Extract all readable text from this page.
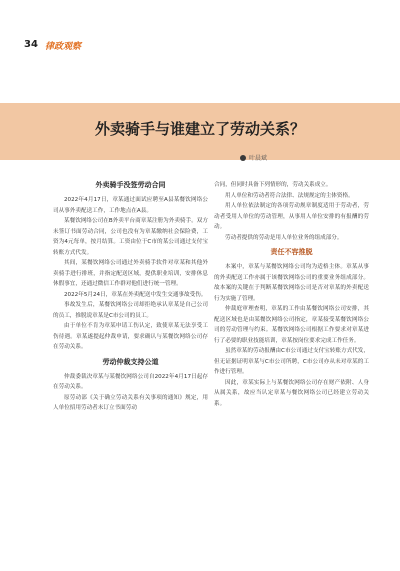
34 律政观察
外卖骑手与谁建立了劳动关系？
叶晨斌
外卖骑手没签劳动合同

2022年4月17日，章某通过面试应聘至A县某餐饮网络公司从事外卖配送工作，工作地点在A县。

某餐饮网络公司在B外卖平台商章某注册为外卖骑手。双方未签订书面劳动合同，公司也没有为章某缴纳社会保险费，工资为4元每单，按月结算。工资由位于C市的某公司通过支付宝转账方式代发。

其间，某餐饮网络公司通过外卖骑手软件对章某和其他外卖骑手进行排班，并指定配送区域，提供职业培训，安排休息休假事宜，还通过微信工作群对他们进行统一管理。

2022年5月24日，章某在外卖配送中发生交通事故受伤。

事故发生后，某餐饮网络公司却拒绝承认章某是自己公司的员工，推脱说章某是C市公司的员工。

由于单位不肯为章某申请工伤认定，致使章某无法享受工伤待遇。章某遂提起仲裁申请，要求确认与某餐饮网络公司存在劳动关系。

劳动仲裁支持公道

仲裁委裁决章某与某餐饮网络公司自2022年4月17日起存在劳动关系。

原劳动部《关于确立劳动关系有关事项的通知》规定，用人单位招用劳动者未订立书面劳动

合同，但同时具备下列情形的，劳动关系成立。

用人单位和劳动者符合法律、法规规定的主体资格。

用人单位依法制定的各项劳动规章制度适用于劳动者，劳动者受用人单位的劳动管理，从事用人单位安排的有报酬的劳动。

劳动者提供的劳动是用人单位业务的组成部分。

责任不容推脱

本案中，章某与某餐饮网络公司均为适格主体。章某从事的外卖配送工作亦属于该餐饮网络公司的重要业务组成部分。故本案的关键在于判断某餐饮网络公司是否对章某的外卖配送行为实施了管理。

仲裁庭审理查明，章某的工作由某餐饮网络公司安排，其配送区域也是由某餐饮网络公司指定，章某接受某餐饮网络公司的劳动管理与约束。某餐饮网络公司根据工作要求对章某进行了必要的职业技能培训，章某按岗位要求完成工作任务。

虽然章某的劳动报酬由C市公司通过支付宝转账方式代发，但无证据证明章某与C市公司所聘，C市公司亦从未对章某的工作进行管理。

因此，章某实际上与某餐饮网络公司存在财产依附、人身从属关系，故应当认定章某与餐饮网络公司已经建立劳动关系。
